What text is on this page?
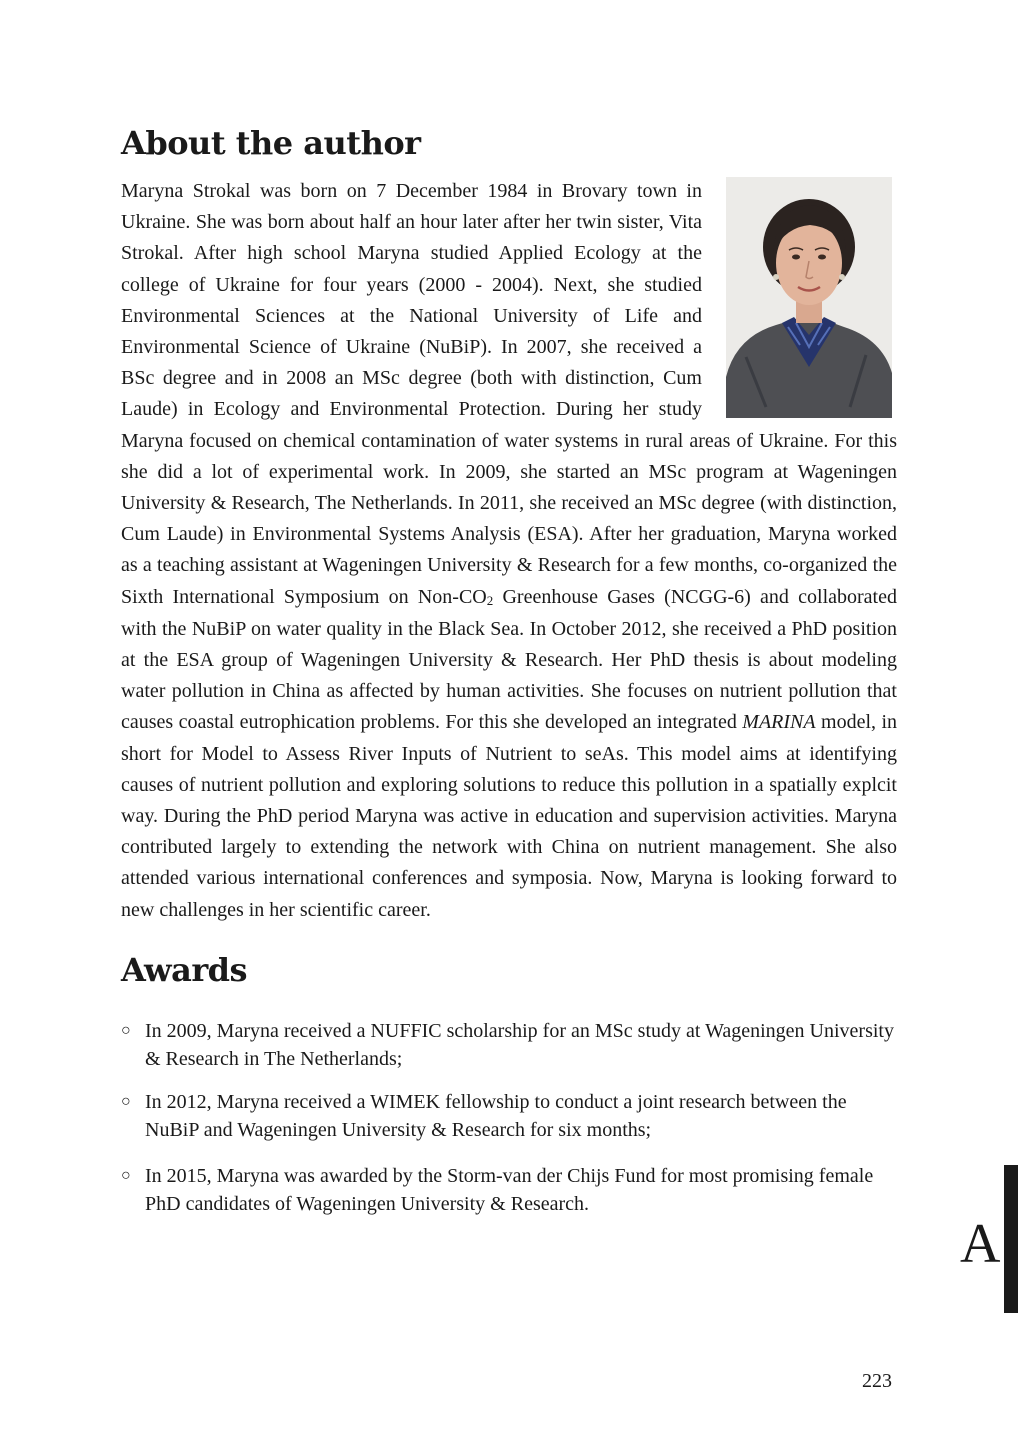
About the author
Maryna Strokal was born on 7 December 1984 in Brovary town in Ukraine. She was born about half an hour later after her twin sister, Vita Strokal. After high school Maryna studied Applied Ecology at the college of Ukraine for four years (2000 - 2004). Next, she studied Environmental Sciences at the National University of Life and Environmental Science of Ukraine (NuBiP). In 2007, she received a BSc degree and in 2008 an MSc degree (both with distinction, Cum Laude) in Ecology and Environmental Protection. During her study Maryna focused on chemical contamination of water systems in rural areas of Ukraine. For this she did a lot of experimental work. In 2009, she started an MSc program at Wageningen University & Research, The Netherlands. In 2011, she received an MSc degree (with distinction, Cum Laude) in Environmental Systems Analysis (ESA). After her graduation, Maryna worked as a teaching assistant at Wageningen University & Research for a few months, co-organized the Sixth International Symposium on Non-$CO_2$ Greenhouse Gases (NCGG-6) and collaborated with the NuBiP on water quality in the Black Sea. In October 2012, she received a PhD position at the ESA group of Wageningen University & Research. Her PhD thesis is about modeling water pollution in China as affected by human activities. She focuses on nutrient pollution that causes coastal eutrophication problems. For this she developed an integrated MARINA model, in short for Model to Assess River Inputs of Nutrient to seAs. This model aims at identifying causes of nutrient pollution and exploring solutions to reduce this pollution in a spatially explcit way. During the PhD period Maryna was active in education and supervision activities. Maryna contributed largely to extending the network with China on nutrient management. She also attended various international conferences and symposia. Now, Maryna is looking forward to new challenges in her scientific career.
Awards
○ In 2009, Maryna received a NUFFIC scholarship for an MSc study at Wageningen University & Research in The Netherlands;
○ In 2012, Maryna received a WIMEK fellowship to conduct a joint research between the NuBiP and Wageningen University & Research for six months;
○ In 2015, Maryna was awarded by the Storm-van der Chijs Fund for most promising female PhD candidates of Wageningen University & Research.
A
223
